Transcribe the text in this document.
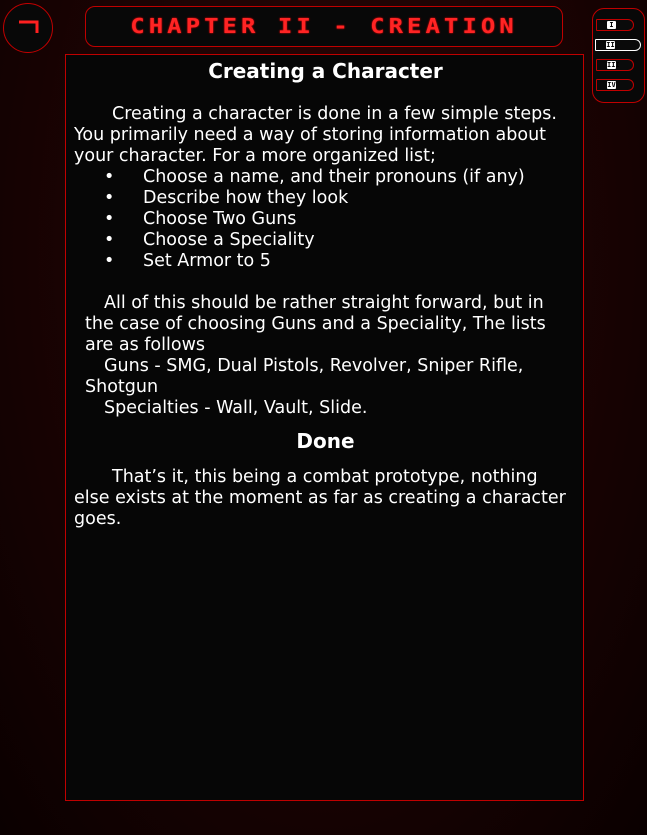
CHAPTER II - CREATION	I
II
III
IV
Creating a Character

Creating a character is done in a few simple steps. You primarily need a way of storing information about your character. For a more organized list;

• Choose a name, and their pronouns (if any)
• Describe how they look
• Choose Two Guns
• Choose a Speciality
• Set Armor to 5

All of this should be rather straight forward, but in the case of choosing Guns and a Speciality, The lists are as follows

Guns - SMG, Dual Pistols, Revolver, Sniper Rifle, Shotgun

Specialties - Wall, Vault, Slide.

Done

That’s it, this being a combat prototype, nothing else exists at the moment as far as creating a character goes.
